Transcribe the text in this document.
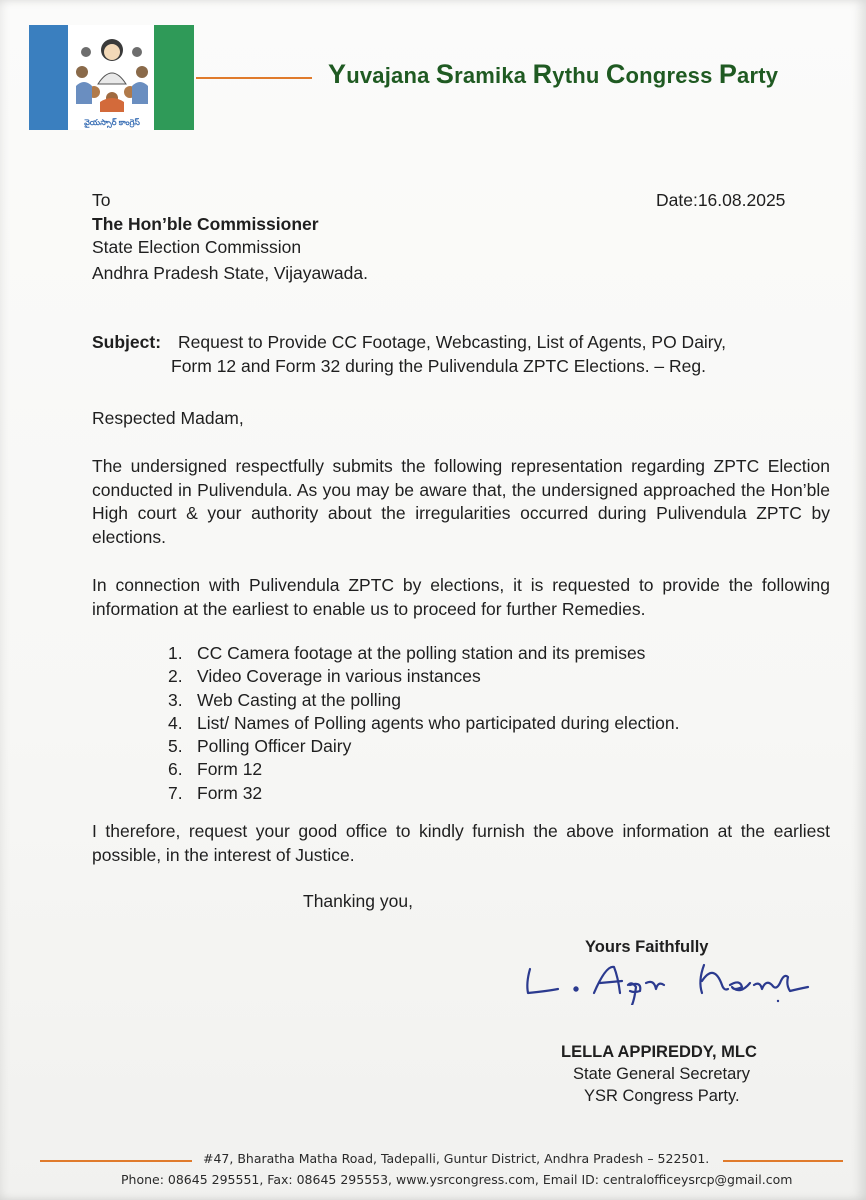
వైయస్సార్ కాంగ్రెస్
Yuvajana Sramika Rythu Congress Party
To	Date:16.08.2025
The Hon’ble Commissioner
State Election Commission
Andhra Pradesh State, Vijayawada.
Subject: Request to Provide CC Footage, Webcasting, List of Agents, PO Dairy,
Form 12 and Form 32 during the Pulivendula ZPTC Elections. – Reg.
Respected Madam,
The undersigned respectfully submits the following representation regarding ZPTC Election conducted in Pulivendula. As you may be aware that, the undersigned approached the Hon’ble High court & your authority about the irregularities occurred during Pulivendula ZPTC by elections.
In connection with Pulivendula ZPTC by elections, it is requested to provide the following information at the earliest to enable us to proceed for further Remedies.
1. CC Camera footage at the polling station and its premises
2. Video Coverage in various instances
3. Web Casting at the polling
4. List/ Names of Polling agents who participated during election.
5. Polling Officer Dairy
6. Form 12
7. Form 32
I therefore, request your good office to kindly furnish the above information at the earliest possible, in the interest of Justice.
Thanking you,
Yours Faithfully
LELLA APPIREDDY, MLC
State General Secretary
YSR Congress Party.
#47, Bharatha Matha Road, Tadepalli, Guntur District, Andhra Pradesh – 522501.
Phone: 08645 295551, Fax: 08645 295553, www.ysrcongress.com, Email ID: centralofficeysrcp@gmail.com
